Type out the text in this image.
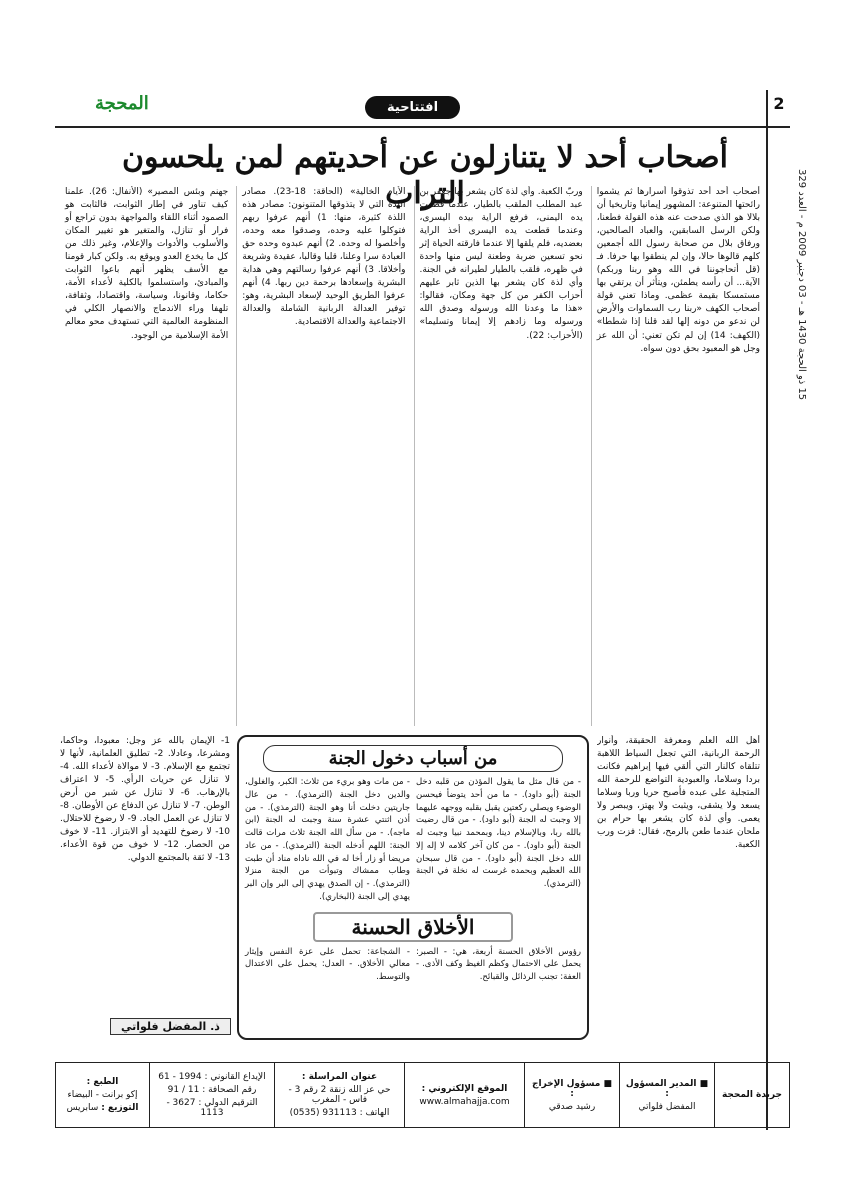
2
افتتاحية
المحجة
15 ذو الحجة 1430 هـ - 03 دجنبر 2009 م - العدد 329
أصحاب أحد لا يتنازلون عن أحديتهم لمن يلحسون التراب	أصحاب أحد أحد تذوقوا أسرارها ثم يشموا رائحتها المتنوعة: المشهور إيمانيا وتاريخيا أن بلالا هو الذي صدحت عنه هذه القولة فطعنا، ولكن الرسل السابقين، والعباد الصالحين، ورفاق بلال من صحابة رسول الله أجمعين كلهم قالوها حالا، وإن لم ينطقوا بها حرفا. فـ (قل أتحاجوننا في الله وهو ربنا وربكم) الآية... أن رأسه يطمئن، ويتأثر أن يرتقي بها مستمسكا بقيمة عظمى. وماذا تعني قولة أصحاب الكهف «ربنا رب السماوات والأرض لن ندعو من دونه إلها لقد قلنا إذا شططا» (الكهف: 14) إن لم تكن تعني: أن الله عز وجل هو المعبود بحق دون سواه.
وربّ الكعبة. وأي لذة كان يشعر بها جعفر بن عبد المطلب الملقب بالطيار، عندما قطعت يده اليمنى، فرفع الراية بيده اليسرى، وعندما قطعت يده اليسرى أخذ الراية بعضديه، فلم يلقها إلا عندما فارقته الحياة إثر نحو تسعين ضربة وطعنة ليس منها واحدة في ظهره، فلقب بالطيار لطيرانه في الجنة. وأي لذة كان يشعر بها الذين ثابر عليهم أحزاب الكفر من كل جهة ومكان، فقالوا: «هذا ما وعدنا الله ورسوله وصدق الله ورسوله وما زادهم إلا إيمانا وتسليما» (الأحزاب: 22).
الأيام الخالية» (الحاقة: 18-23). مصادر اللذة التي لا يتذوقها المتنونون: مصادر هذه اللذة كثيرة، منها: 1) أنهم عرفوا ربهم فتوكلوا عليه وحده، وصدقوا معه وحده، وأخلصوا له وحده. 2) أنهم عبدوه وحده حق العبادة سرا وعلنا، قلبا وقالبا، عقيدة وشريعة وأخلاقا. 3) أنهم عرفوا رسالتهم وهي هداية البشرية وإسعادها برحمة دين ربها. 4) أنهم عرفوا الطريق الوحيد لإسعاد البشرية، وهو: توفير العدالة الربانية الشاملة والعدالة الاجتماعية والعدالة الاقتصادية.
جهنم وبئس المصير» (الأنفال: 26). علمنا كيف تناور في إطار الثوابت، فالثابت هو الصمود أثناء اللقاء والمواجهة بدون تراجع أو فرار أو تنازل، والمتغير هو تغيير المكان والأسلوب والأدوات والإعلام، وغير ذلك من كل ما يخدع العدو ويوقع به. ولكن كبار قومنا مع الأسف يظهر أنهم باعوا الثوابت والمبادئ، واستسلموا بالكلية لأعداء الأمة، حكاما، وقانونا، وسياسة، واقتصادا، وثقافة، تلهفا وراء الاندماج والانصهار الكلي في المنظومة العالمية التي تستهدف محو معالم الأمة الإسلامية من الوجود.
أهل الله العلم ومعرفة الحقيقة، وأنوار الرحمة الربانية، التي تجعل السياط اللاهبة تتلقاه كالنار التي ألقي فيها إبراهيم فكانت بردا وسلاما، والعبودية التواضع للرحمة الله المتجلية على عبده فأصبح حريا وربا وسلاما يسعد ولا يشقى، ويثبت ولا يهتز، ويبصر ولا يعمى. وأي لذة كان يشعر بها حرام بن ملحان عندما طعن بالرمح، فقال: فزت ورب الكعبة.
1- الإيمان بالله عز وجل: معبودا، وحاكما، ومشرعا، وعادلا. 2- تطليق العلمانية، لأنها لا تجتمع مع الإسلام. 3- لا موالاة لأعداء الله. 4- لا تنازل عن حريات الرأي. 5- لا اعتراف بالإرهاب. 6- لا تنازل عن شبر من أرض الوطن. 7- لا تنازل عن الدفاع عن الأوطان. 8- لا تنازل عن العمل الجاد. 9- لا رضوخ للاحتلال. 10- لا رضوخ للتهديد أو الابتزاز. 11- لا خوف من الحصار. 12- لا خوف من قوة الأعداء. 13- لا ثقة بالمجتمع الدولي.
من أسباب دخول الجنة
- من قال مثل ما يقول المؤذن من قلبه دخل الجنة (أبو داود). - ما من أحد يتوضأ فيحسن الوضوء ويصلي ركعتين يقبل بقلبه ووجهه عليهما إلا وجبت له الجنة (أبو داود). - من قال رضيت بالله ربا، وبالإسلام دينا، وبمحمد نبيا وجبت له الجنة (أبو داود). - من كان آخر كلامه لا إله إلا الله دخل الجنة (أبو داود). - من قال سبحان الله العظيم وبحمده غرست له نخلة في الجنة (الترمذي).
- من مات وهو بريء من ثلاث: الكبر، والغلول، والدين دخل الجنة (الترمذي). - من عال جاريتين دخلت أنا وهو الجنة (الترمذي). - من أذن اثنتي عشرة سنة وجبت له الجنة (ابن ماجه). - من سأل الله الجنة ثلاث مرات قالت الجنة: اللهم أدخله الجنة (الترمذي). - من عاد مريضا أو زار أخا له في الله ناداه مناد أن طبت وطاب ممشاك وتبوأت من الجنة منزلا (الترمذي). - إن الصدق يهدي إلى البر وإن البر يهدي إلى الجنة (البخاري).
الأخلاق الحسنة
رؤوس الأخلاق الحسنة أربعة، هي: - الصبر: يحمل على الاحتمال وكظم الغيظ وكف الأذى. - العفة: تجنب الرذائل والقبائح.
- الشجاعة: تحمل على عزة النفس وإيثار معالي الأخلاق. - العدل: يحمل على الاعتدال والتوسط.
ذ. المفضل فلواتي
جريدة المحجة
■ المدير المسؤول :
المفضل فلواتي
■ مسؤول الإخراج :
رشيد صدقي
الموقع الإلكتروني :
www.almahajja.com
عنوان المراسلة :
حي عز الله زنقة 2 رقم 3 - فاس - المغرب
الهاتف : 931113 (0535)
الإيداع القانوني : 1994 - 61
رقم الصحافة : 11 / 91
الترقيم الدولي : 3627 - 1113
الطبع :
إكو برانت - البيضاء
التوزيع : سابريس
